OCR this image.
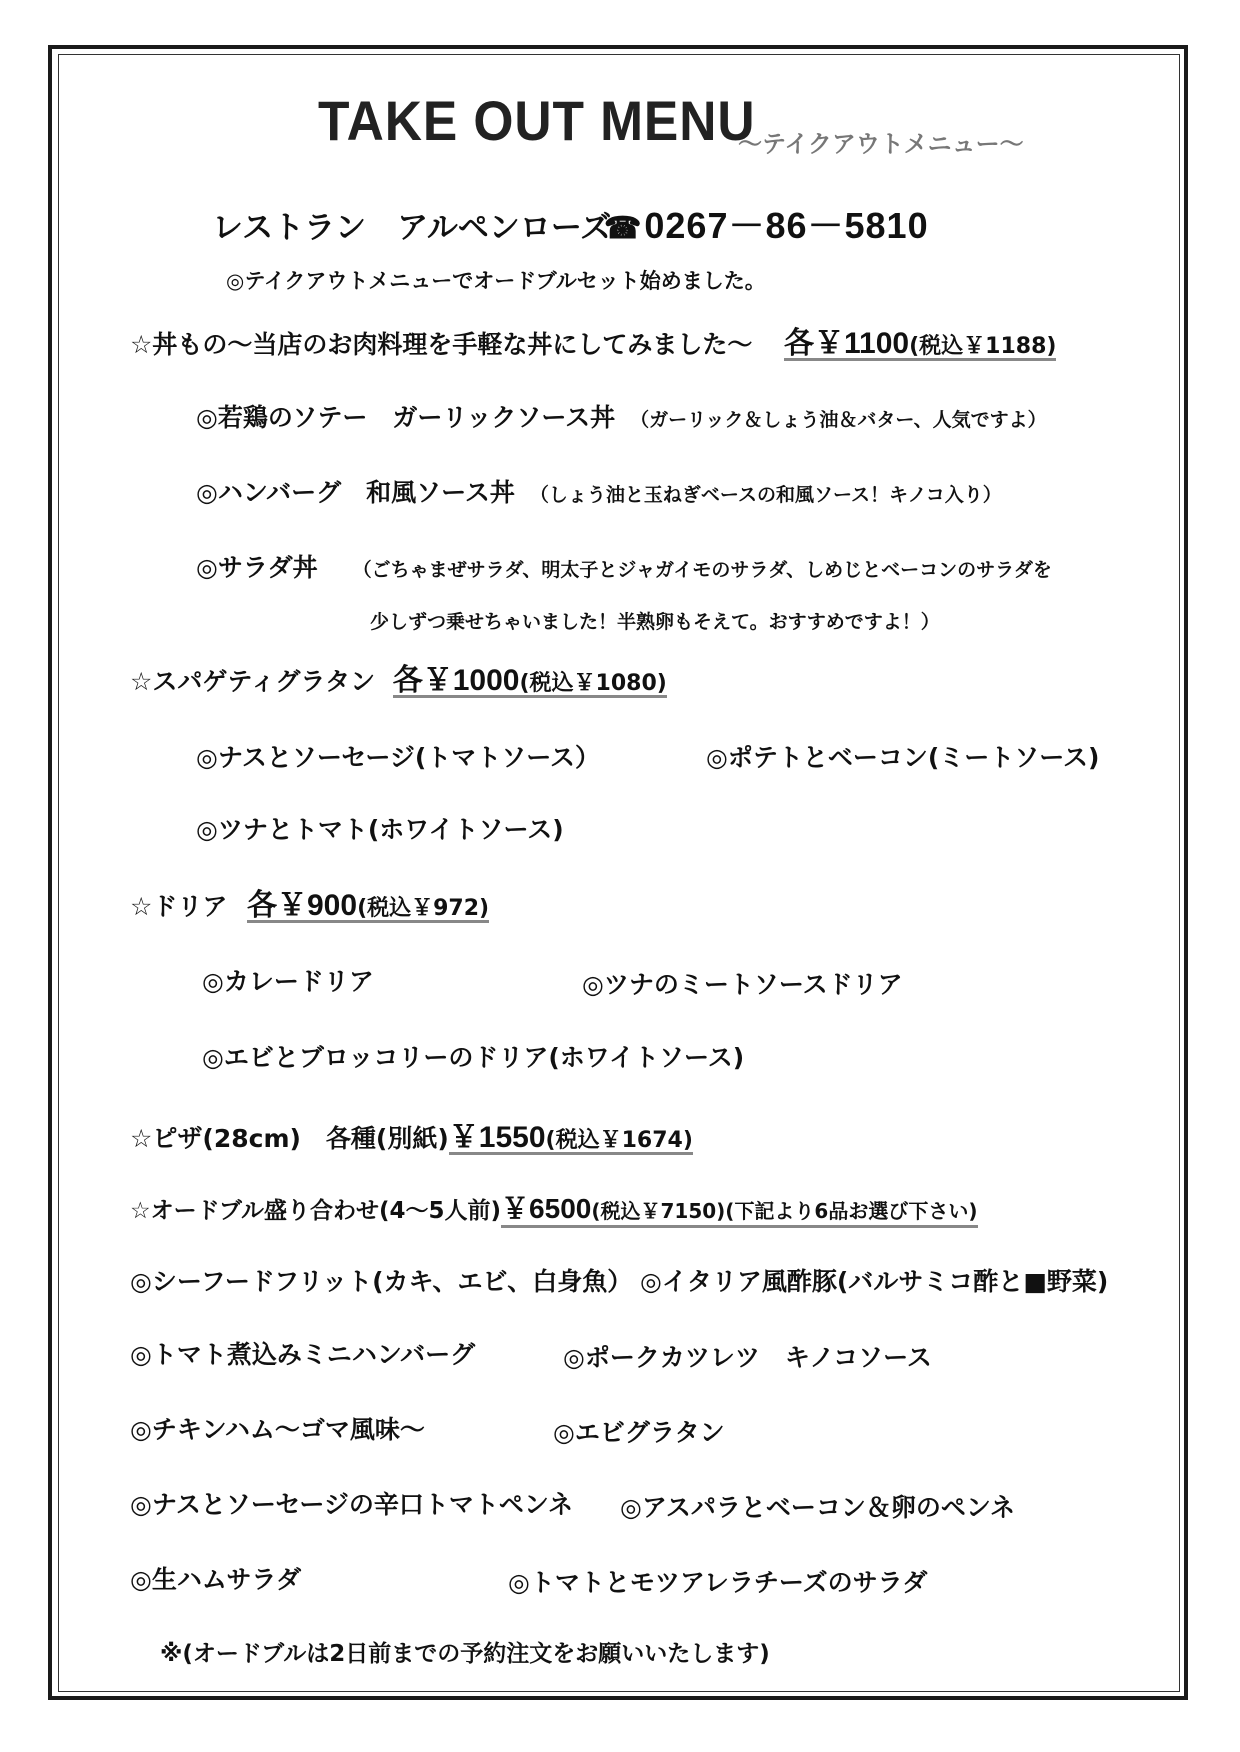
TAKE OUT MENU
～テイクアウトメニュー～
レストラン　アルペンローズ
☎0267－86－5810
◎テイクアウトメニューでオードブルセット始めました。
☆丼もの～当店のお肉料理を手軽な丼にしてみました～ 各￥1100(税込￥1188)
◎若鶏のソテー　ガーリックソース丼 （ガーリック＆しょう油＆バター、人気ですよ）
◎ハンバーグ　和風ソース丼 （しょう油と玉ねぎベースの和風ソース！キノコ入り）
◎サラダ丼 （ごちゃまぜサラダ、明太子とジャガイモのサラダ、しめじとベーコンのサラダを
少しずつ乗せちゃいました！半熟卵もそえて。おすすめですよ！）
☆スパゲティグラタン 各￥1000(税込￥1080)
◎ナスとソーセージ(トマトソース）	◎ポテトとベーコン(ミートソース)
◎ツナとトマト(ホワイトソース)
☆ドリア 各￥900(税込￥972)
◎カレードリア	◎ツナのミートソースドリア
◎エビとブロッコリーのドリア(ホワイトソース)
☆ピザ(28cm)　各種(別紙)￥1550(税込￥1674)
☆オードブル盛り合わせ(4～5人前)￥6500(税込￥7150)(下記より6品お選び下さい)
◎シーフードフリット(カキ、エビ、白身魚） ◎イタリア風酢豚(バルサミコ酢と■野菜)
◎トマト煮込みミニハンバーグ	◎ポークカツレツ　キノコソース
◎チキンハム～ゴマ風味～	◎エビグラタン
◎ナスとソーセージの辛口トマトペンネ ◎アスパラとベーコン＆卵のペンネ
◎生ハムサラダ	◎トマトとモツアレラチーズのサラダ
※(オードブルは2日前までの予約注文をお願いいたします)
